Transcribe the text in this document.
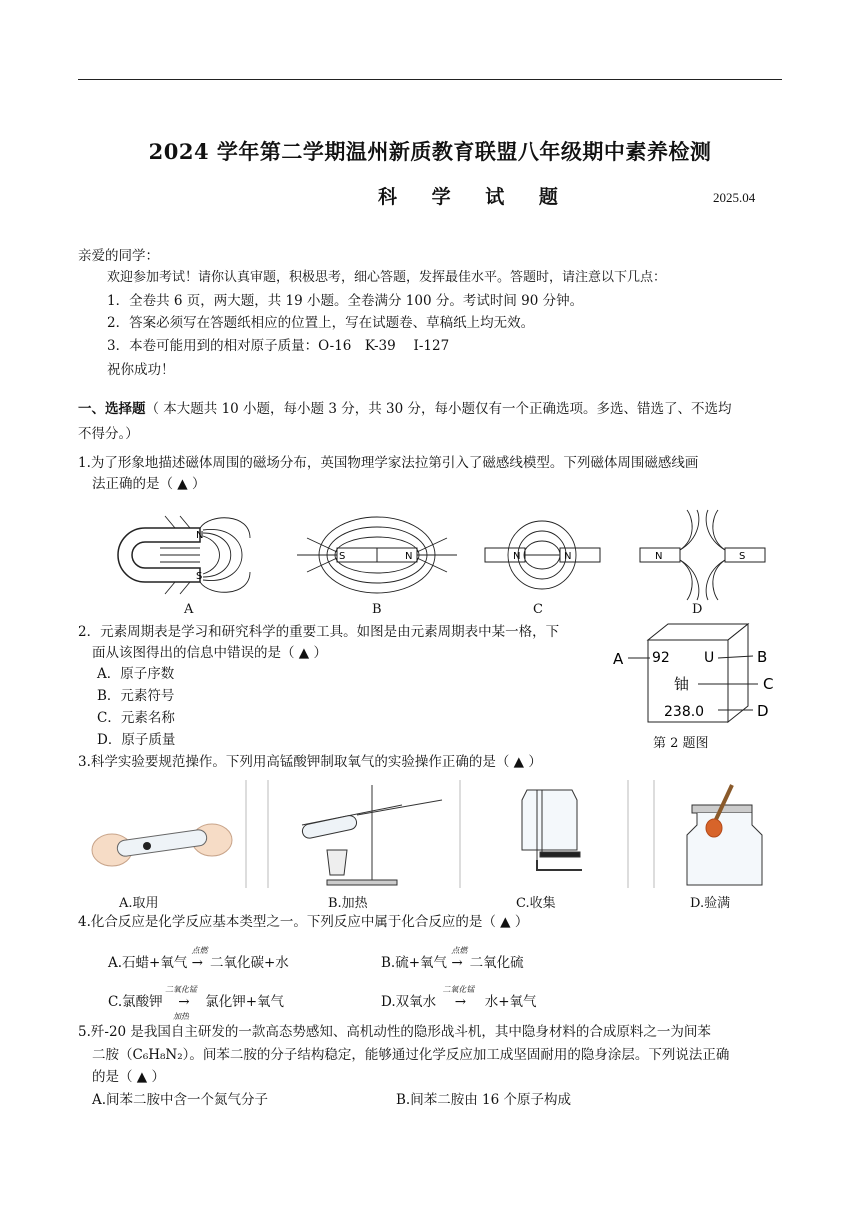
2024 学年第二学期温州新质教育联盟八年级期中素养检测
科 学 试 题	2025.04
亲爱的同学：
欢迎参加考试！请你认真审题，积极思考，细心答题，发挥最佳水平。答题时，请注意以下几点：
1．全卷共 6 页，两大题，共 19 小题。全卷满分 100 分。考试时间 90 分钟。
2．答案必须写在答题纸相应的位置上，写在试题卷、草稿纸上均无效。
3．本卷可能用到的相对原子质量：O-16　K-39　 I-127
祝你成功！
一、选择题（ 本大题共 10 小题，每小题 3 分，共 30 分，每小题仅有一个正确选项。多选、错选了、不选均
不得分。）
1.为了形象地描述磁体周围的磁场分布，英国物理学家法拉第引入了磁感线模型。下列磁体周围磁感线画
法正确的是（ ▲ ）
N
S
A
S	N
B
N	N
C
N	S
D
2．元素周期表是学习和研究科学的重要工具。如图是由元素周期表中某一格，下
面从该图得出的信息中错误的是（ ▲ ）
A．原子序数
B．元素符号
C．元素名称
D．原子质量
92 U
铀
238.0
A	B
C
D
第 2 题图
3.科学实验要规范操作。下列用高锰酸钾制取氧气的实验操作正确的是（ ▲ ）
A.取用	B.加热	C.收集	D.验满
4.化合反应是化学反应基本类型之一。下列反应中属于化合反应的是（ ▲ ）
A.石蜡+氧气
点燃
→ 二氧化碳+水	B.硫+氧气
点燃
→ 二氧化硫
C.氯酸钾
二氧化锰
→
加热
氯化钾+氧气	D.双氧水
二氧化锰
→ 水+氧气
5.歼-20 是我国自主研发的一款高态势感知、高机动性的隐形战斗机，其中隐身材料的合成原料之一为间苯
二胺（C₆H₈N₂）。间苯二胺的分子结构稳定，能够通过化学反应加工成坚固耐用的隐身涂层。下列说法正确
的是（ ▲ ）
A.间苯二胺中含一个氮气分子	B.间苯二胺由 16 个原子构成
